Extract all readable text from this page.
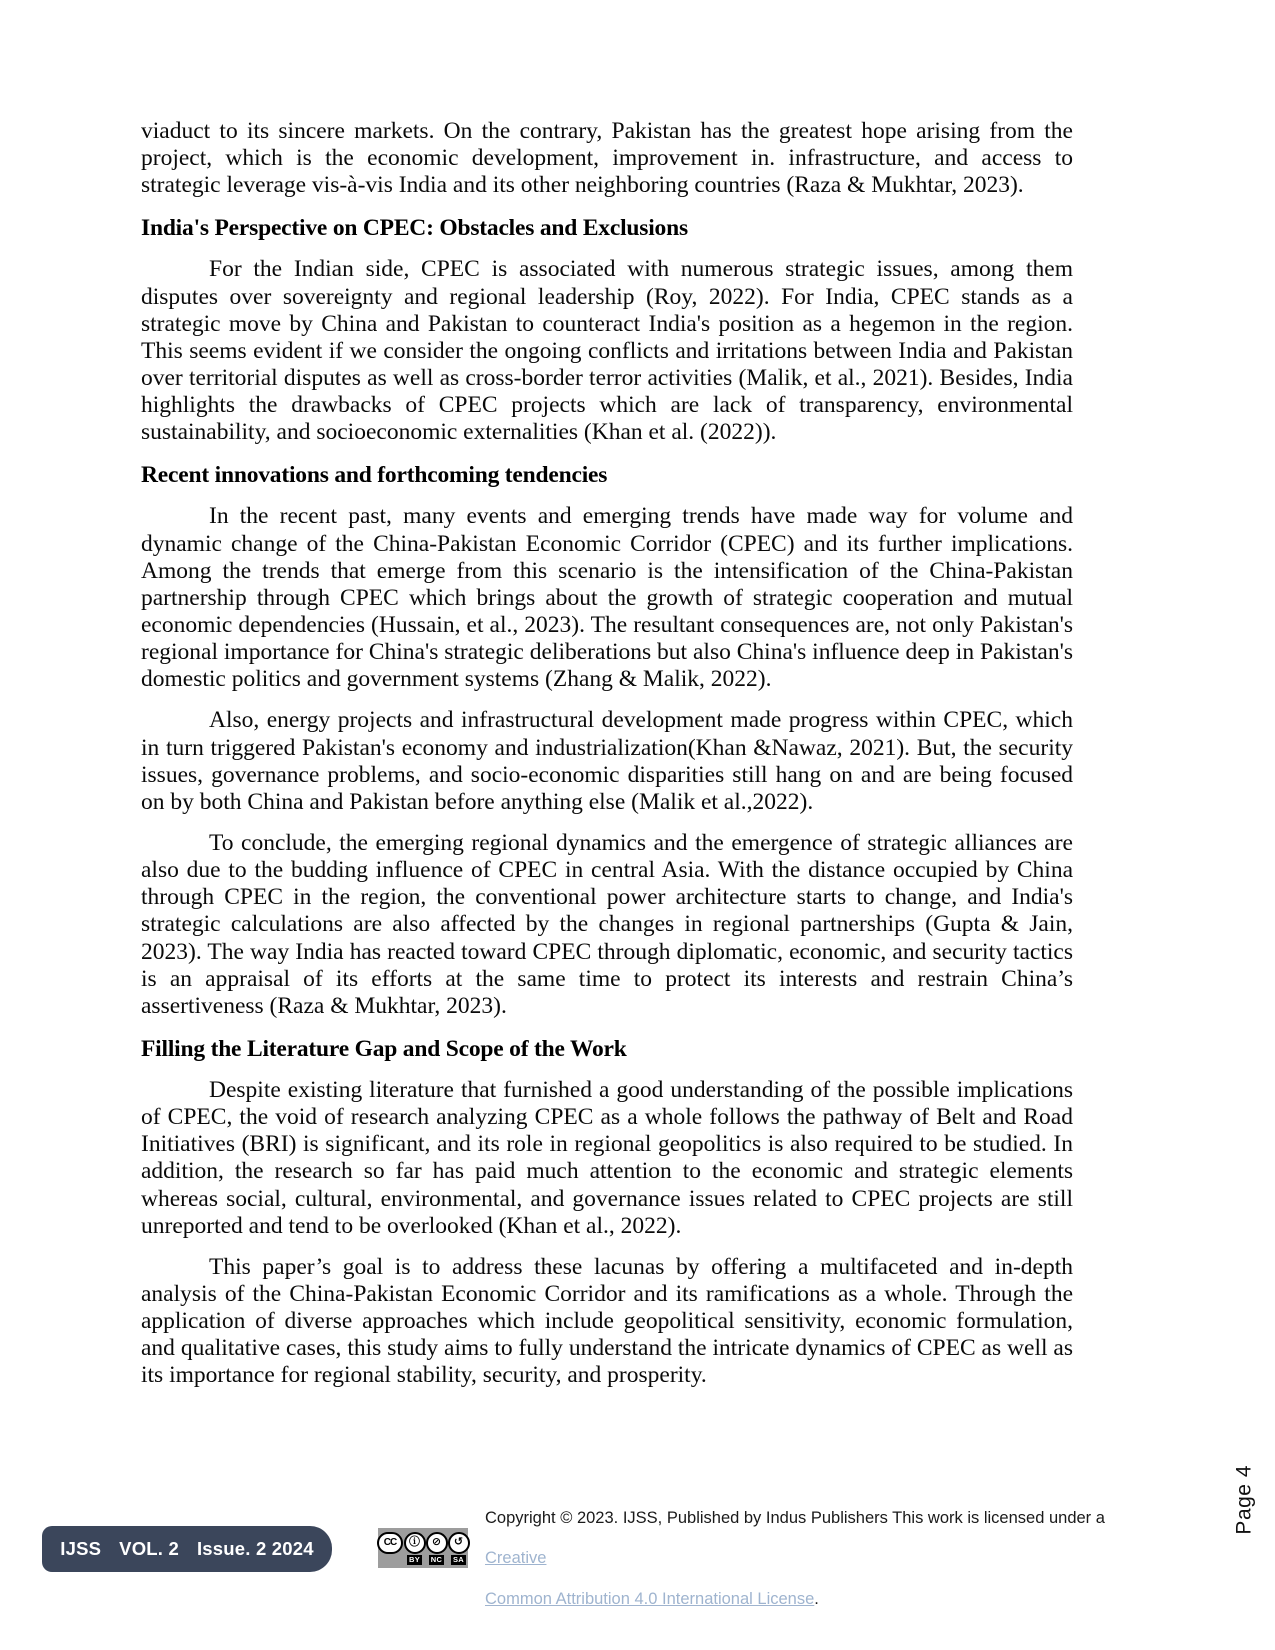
viaduct to its sincere markets. On the contrary, Pakistan has the greatest hope arising from the project, which is the economic development, improvement in. infrastructure, and access to strategic leverage vis-à-vis India and its other neighboring countries (Raza & Mukhtar, 2023).

India's Perspective on CPEC: Obstacles and Exclusions

For the Indian side, CPEC is associated with numerous strategic issues, among them disputes over sovereignty and regional leadership (Roy, 2022). For India, CPEC stands as a strategic move by China and Pakistan to counteract India's position as a hegemon in the region. This seems evident if we consider the ongoing conflicts and irritations between India and Pakistan over territorial disputes as well as cross-border terror activities (Malik, et al., 2021). Besides, India highlights the drawbacks of CPEC projects which are lack of transparency, environmental sustainability, and socioeconomic externalities (Khan et al. (2022)).

Recent innovations and forthcoming tendencies

In the recent past, many events and emerging trends have made way for volume and dynamic change of the China-Pakistan Economic Corridor (CPEC) and its further implications. Among the trends that emerge from this scenario is the intensification of the China-Pakistan partnership through CPEC which brings about the growth of strategic cooperation and mutual economic dependencies (Hussain, et al., 2023). The resultant consequences are, not only Pakistan's regional importance for China's strategic deliberations but also China's influence deep in Pakistan's domestic politics and government systems (Zhang & Malik, 2022).

Also, energy projects and infrastructural development made progress within CPEC, which in turn triggered Pakistan's economy and industrialization(Khan &Nawaz, 2021). But, the security issues, governance problems, and socio-economic disparities still hang on and are being focused on by both China and Pakistan before anything else (Malik et al.,2022).

To conclude, the emerging regional dynamics and the emergence of strategic alliances are also due to the budding influence of CPEC in central Asia. With the distance occupied by China through CPEC in the region, the conventional power architecture starts to change, and India's strategic calculations are also affected by the changes in regional partnerships (Gupta & Jain, 2023). The way India has reacted toward CPEC through diplomatic, economic, and security tactics is an appraisal of its efforts at the same time to protect its interests and restrain China’s assertiveness (Raza & Mukhtar, 2023).

Filling the Literature Gap and Scope of the Work

Despite existing literature that furnished a good understanding of the possible implications of CPEC, the void of research analyzing CPEC as a whole follows the pathway of Belt and Road Initiatives (BRI) is significant, and its role in regional geopolitics is also required to be studied. In addition, the research so far has paid much attention to the economic and strategic elements whereas social, cultural, environmental, and governance issues related to CPEC projects are still unreported and tend to be overlooked (Khan et al., 2022).

This paper’s goal is to address these lacunas by offering a multifaceted and in-depth analysis of the China-Pakistan Economic Corridor and its ramifications as a whole. Through the application of diverse approaches which include geopolitical sensitivity, economic formulation, and qualitative cases, this study aims to fully understand the intricate dynamics of CPEC as well as its importance for regional stability, security, and prosperity.

Page 4
IJSS VOL. 2 Issue. 2 2024	CC	ⓘ
BY
⊘
NC
↺
SA
Copyright © 2023. IJSS, Published by Indus Publishers This work is licensed under a Creative
Common Attribution 4.0 International License.
